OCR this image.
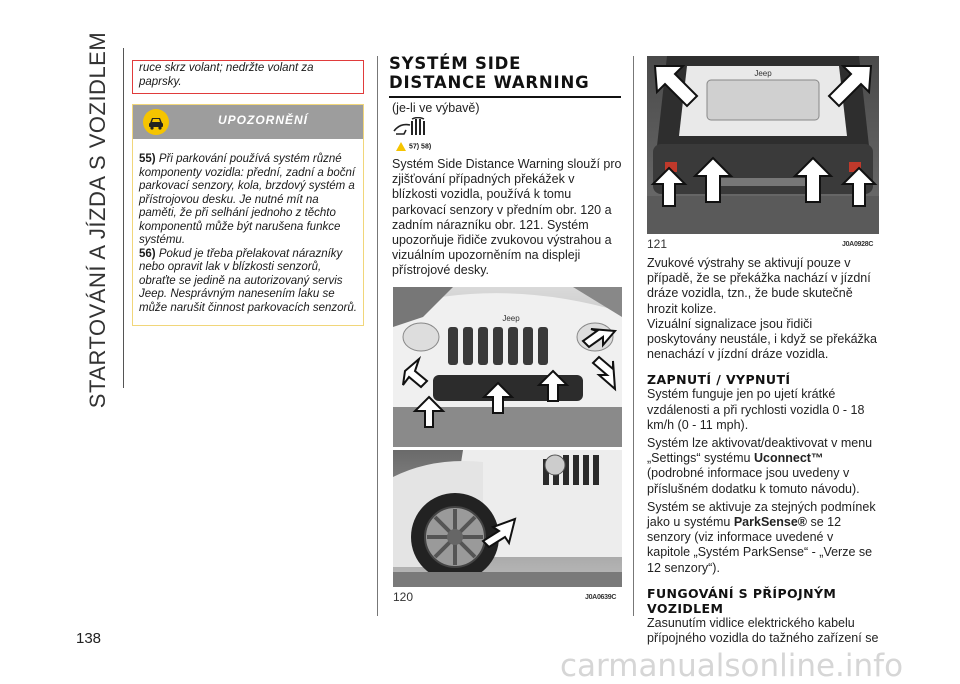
STARTOVÁNÍ A JÍZDA S VOZIDLEM
138
ruce skrz volant; nedržte volant za paprsky.
UPOZORNĚNÍ

55) Při parkování používá systém různé komponenty vozidla: přední, zadní a boční parkovací senzory, kola, brzdový systém a přístrojovou desku. Je nutné mít na paměti, že při selhání jednoho z těchto komponentů může být narušena funkce systému.

56) Pokud je třeba přelakovat nárazníky nebo opravit lak v blízkosti senzorů, obraťte se jedině na autorizovaný servis Jeep. Nesprávným nanesením laku se může narušit činnost parkovacích senzorů.

SYSTÉM SIDE DISTANCE WARNING
(je-li ve výbavě)
57) 58)
Systém Side Distance Warning slouží pro zjišťování případných překážek v blízkosti vozidla, používá k tomu parkovací senzory v předním obr. 120 a zadním nárazníku obr. 121. Systém upozorňuje řidiče zvukovou výstrahou a vizuálním upozorněním na displeji přístrojové desky.
Jeep
120	J0A0639C
Jeep
121	J0A0928C

Zvukové výstrahy se aktivují pouze v případě, že se překážka nachází v jízdní dráze vozidla, tzn., že bude skutečně hrozit kolize.

Vizuální signalizace jsou řidiči poskytovány neustále, i když se překážka nenachází v jízdní dráze vozidla.

ZAPNUTÍ / VYPNUTÍ

Systém funguje jen po ujetí krátké vzdálenosti a při rychlosti vozidla 0 - 18 km/h (0 - 11 mph).

Systém lze aktivovat/deaktivovat v menu „Settings“ systému Uconnect™ (podrobné informace jsou uvedeny v příslušném dodatku k tomuto návodu).

Systém se aktivuje za stejných podmínek jako u systému ParkSense® se 12 senzory (viz informace uvedené v kapitole „Systém ParkSense“ - „Verze se 12 senzory“).

FUNGOVÁNÍ S PŘÍPOJNÝM VOZIDLEM

Zasunutím vidlice elektrického kabelu přípojného vozidla do tažného zařízení se

carmanualsonline.info
